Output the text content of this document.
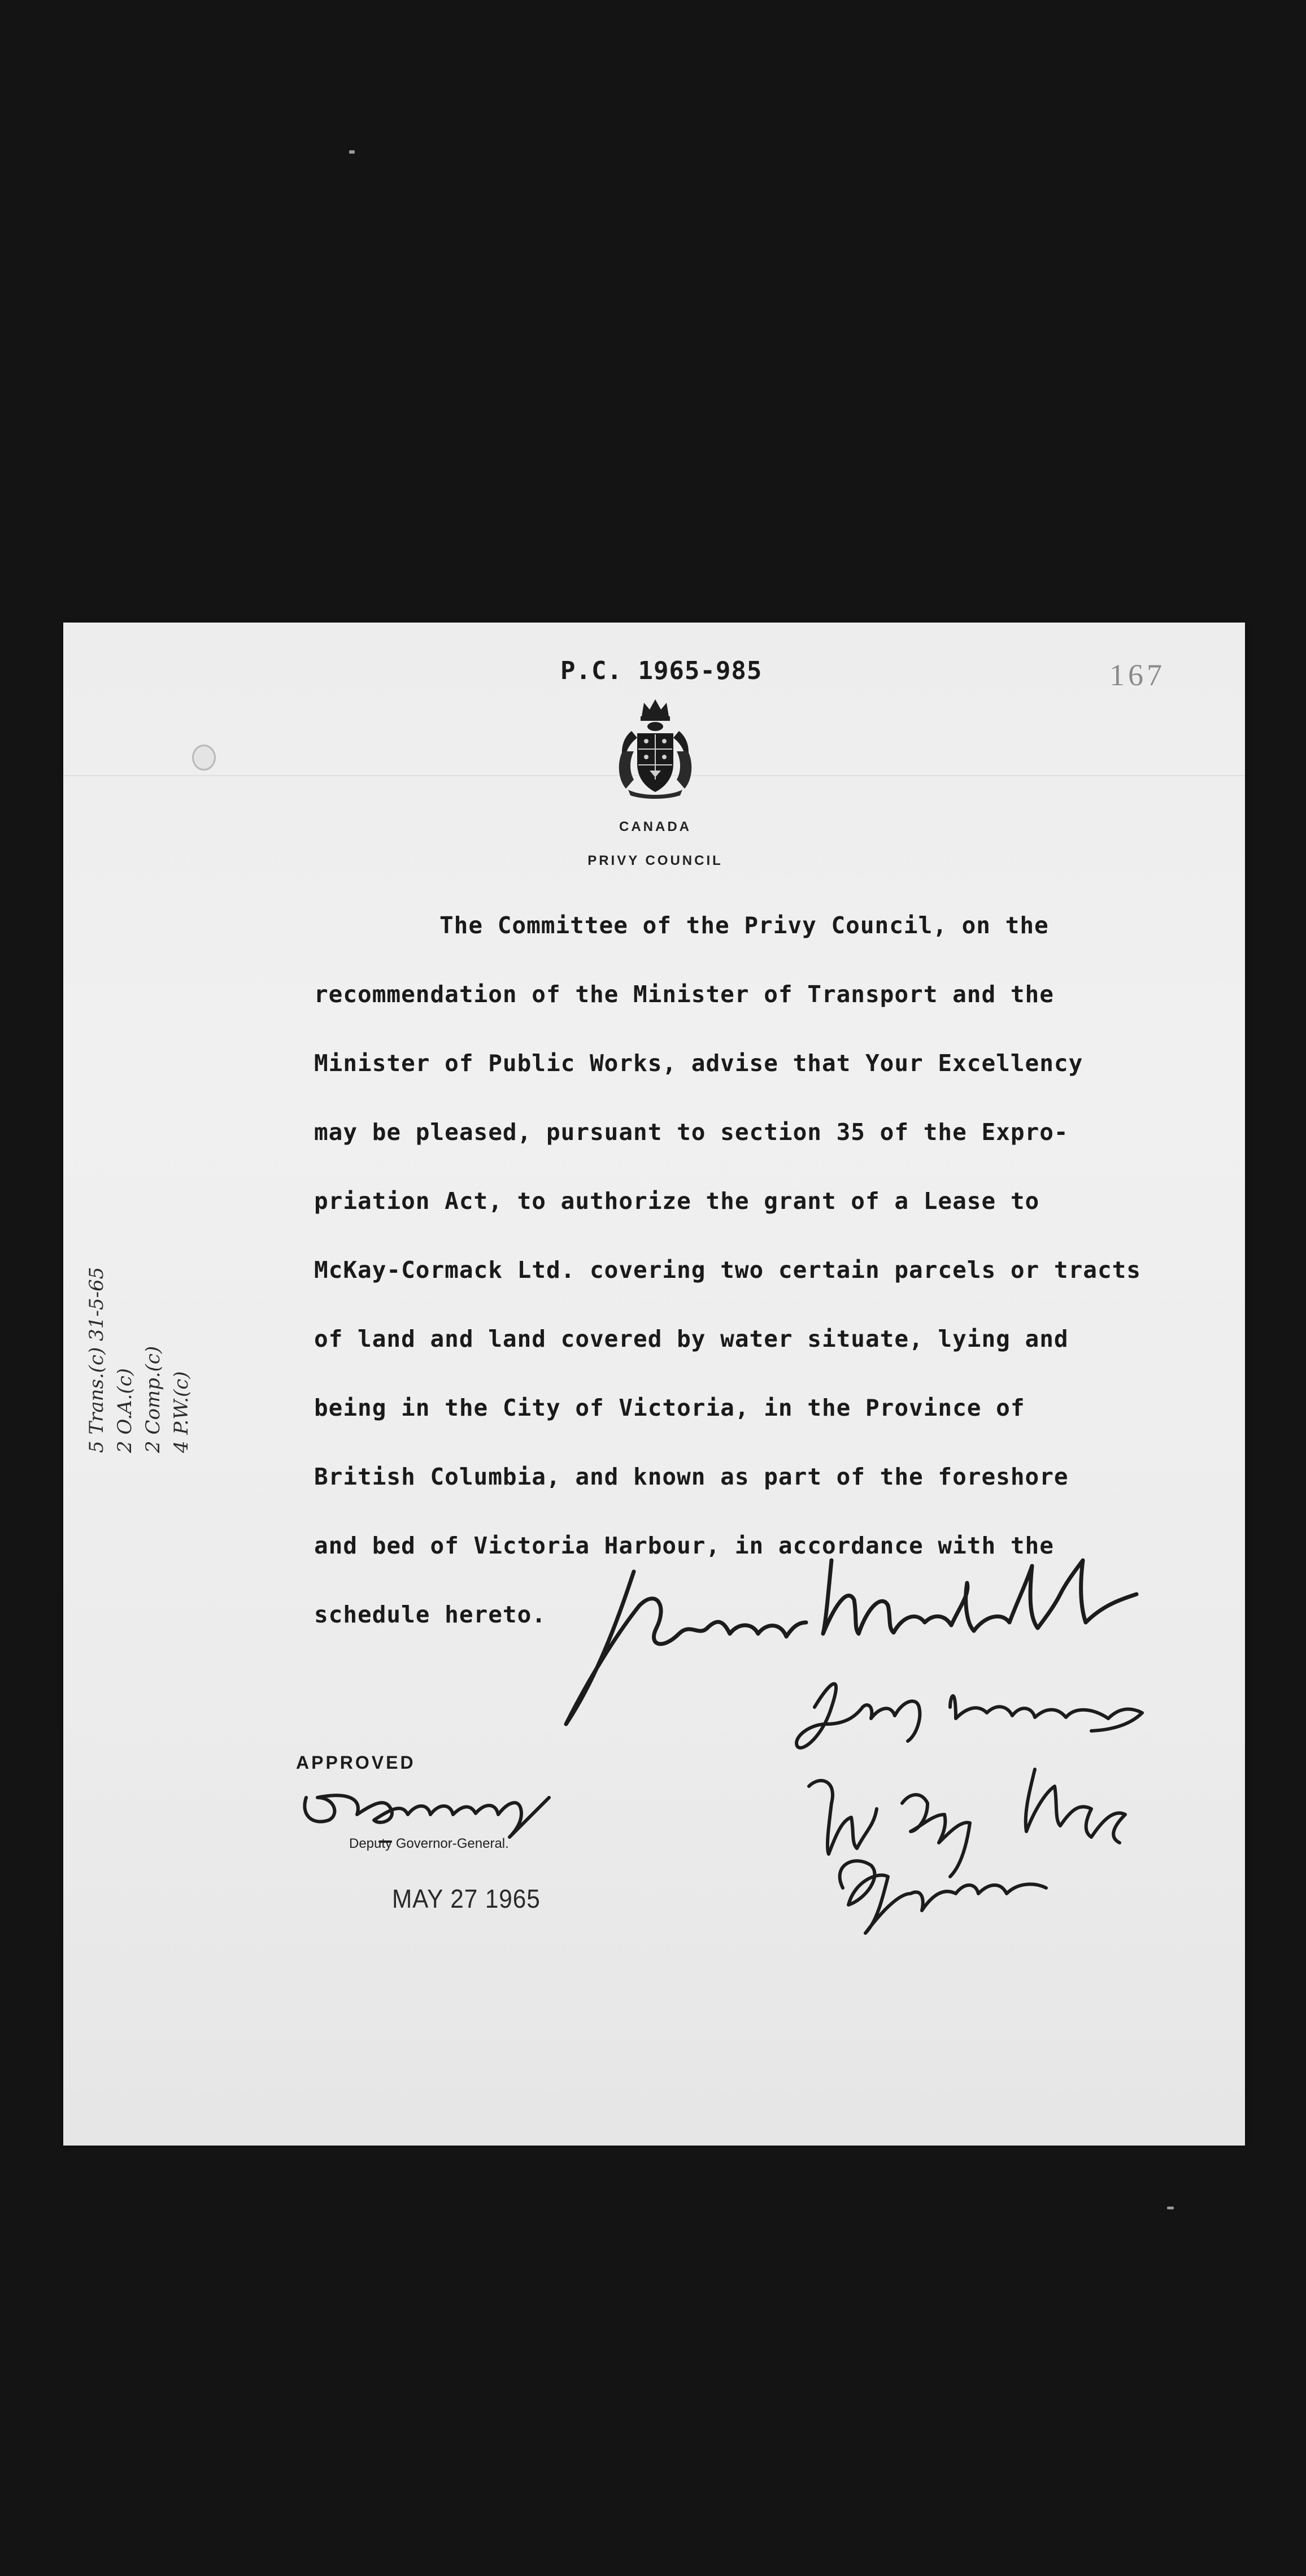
P.C. 1965-985	167
CANADA
PRIVY COUNCIL
The Committee of the Privy Council, on the
recommendation of the Minister of Transport and the
Minister of Public Works, advise that Your Excellency
may be pleased, pursuant to section 35 of the Expro-
priation Act, to authorize the grant of a Lease to
McKay-Cormack Ltd. covering two certain parcels or tracts
of land and land covered by water situate, lying and
being in the City of Victoria, in the Province of
British Columbia, and known as part of the foreshore
and bed of Victoria Harbour, in accordance with the
schedule hereto.
5 Trans.(c) 31-5-65 2 O.A.(c) 2 Comp.(c) 4 P.W.(c)
APPROVED
Deputy Governor-General.
MAY 27 1965
